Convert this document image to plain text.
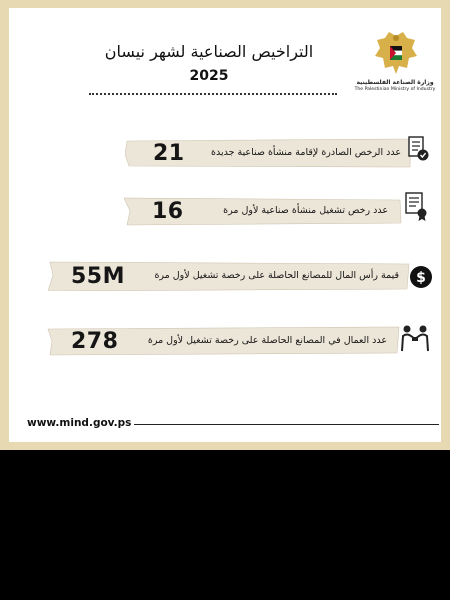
التراخيص الصناعية لشهر نيسان
2025	وزارة الصناعة الفلسطينية
The Palestinian Ministry of Industry
21	عدد الرخص الصادرة لإقامة منشأة صناعية جديدة
16	عدد رخص تشغيل منشأة صناعية لأول مرة
55M	قيمة رأس المال للمصانع الحاصلة على رخصة تشغيل لأول مرة $
278	عدد العمال في المصانع الحاصلة على رخصة تشغيل لأول مرة
www.mind.gov.ps
